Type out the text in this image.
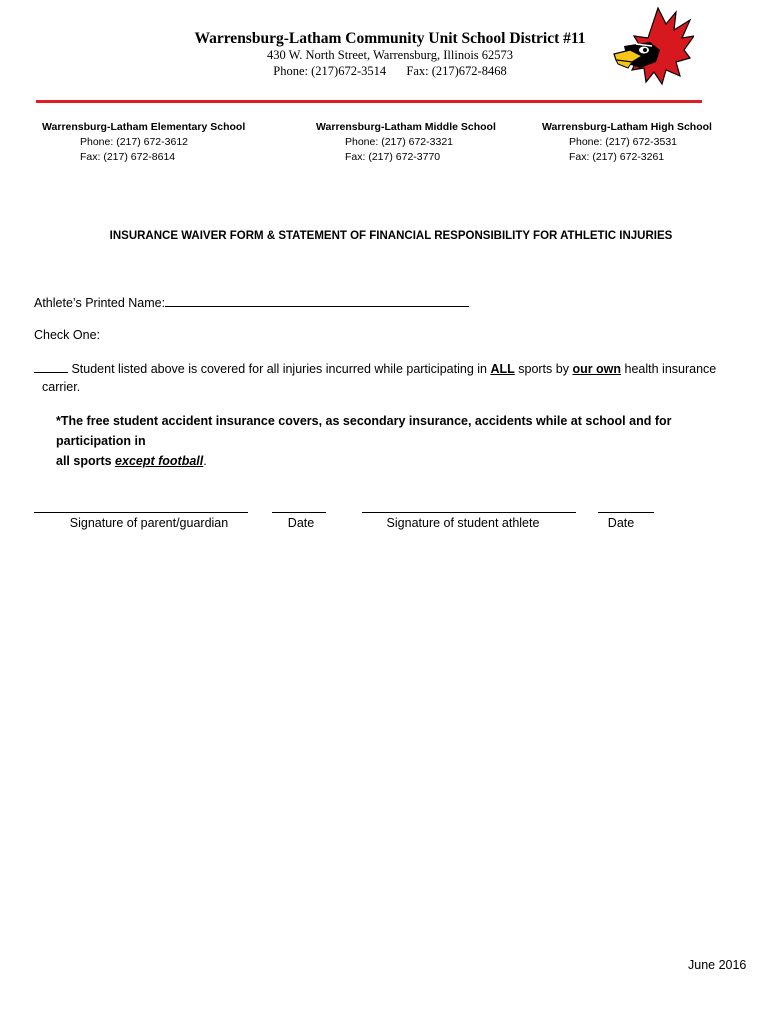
Warrensburg-Latham Community Unit School District #11
430 W. North Street, Warrensburg, Illinois 62573
Phone: (217)672-3514 Fax: (217)672-8468
Warrensburg-Latham Elementary School
Phone: (217) 672-3612
Fax: (217) 672-8614
Warrensburg-Latham Middle School
Phone: (217) 672-3321
Fax: (217) 672-3770
Warrensburg-Latham High School
Phone: (217) 672-3531
Fax: (217) 672-3261
INSURANCE WAIVER FORM & STATEMENT OF FINANCIAL RESPONSIBILITY FOR ATHLETIC INJURIES
Athlete’s Printed Name:
Check One:
Student listed above is covered for all injuries incurred while participating in ALL sports by our own health insurance
carrier.
*The free student accident insurance covers, as secondary insurance, accidents while at school and for participation in
all sports except football.
Signature of parent/guardian	Date	Signature of student athlete	Date
June 2016
